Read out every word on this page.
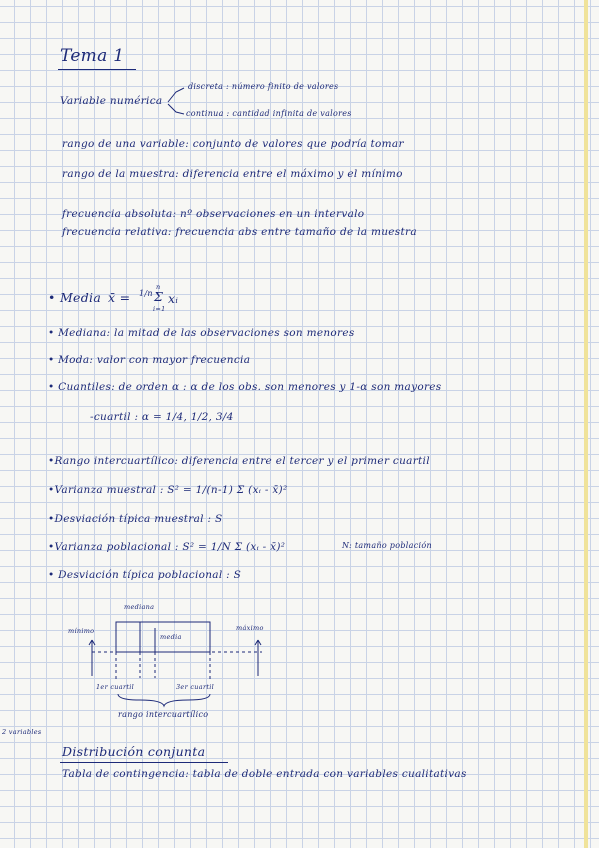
Tema 1
Variable numérica
discreta : número finito de valores
continua : cantidad infinita de valores
rango de una variable: conjunto de valores que podría tomar
rango de la muestra: diferencia entre el máximo y el mínimo
frecuencia absoluta: nº observaciones en un intervalo
frecuencia relativa: frecuencia abs entre tamaño de la muestra
• Media x̄ = 1/n
n
Σ
i=1
xᵢ
• Mediana: la mitad de las observaciones son menores
• Moda: valor con mayor frecuencia
• Cuantiles: de orden α : α de los obs. son menores y 1-α son mayores
-cuartil : α = 1/4, 1/2, 3/4
•Rango intercuartílico: diferencia entre el tercer y el primer cuartil
•Varianza muestral : S² = 1/(n-1) Σ (xᵢ - x̄)²
•Desviación típica muestral : S
•Varianza poblacional : S² = 1/N Σ (xᵢ - x̄)²	N: tamaño población
• Desviación típica poblacional : S
mínimo
mediana
media
máximo
1er cuartil	3er cuartil
rango intercuartílico
2 variables
Distribución conjunta
Tabla de contingencia: tabla de doble entrada con variables cualitativas
